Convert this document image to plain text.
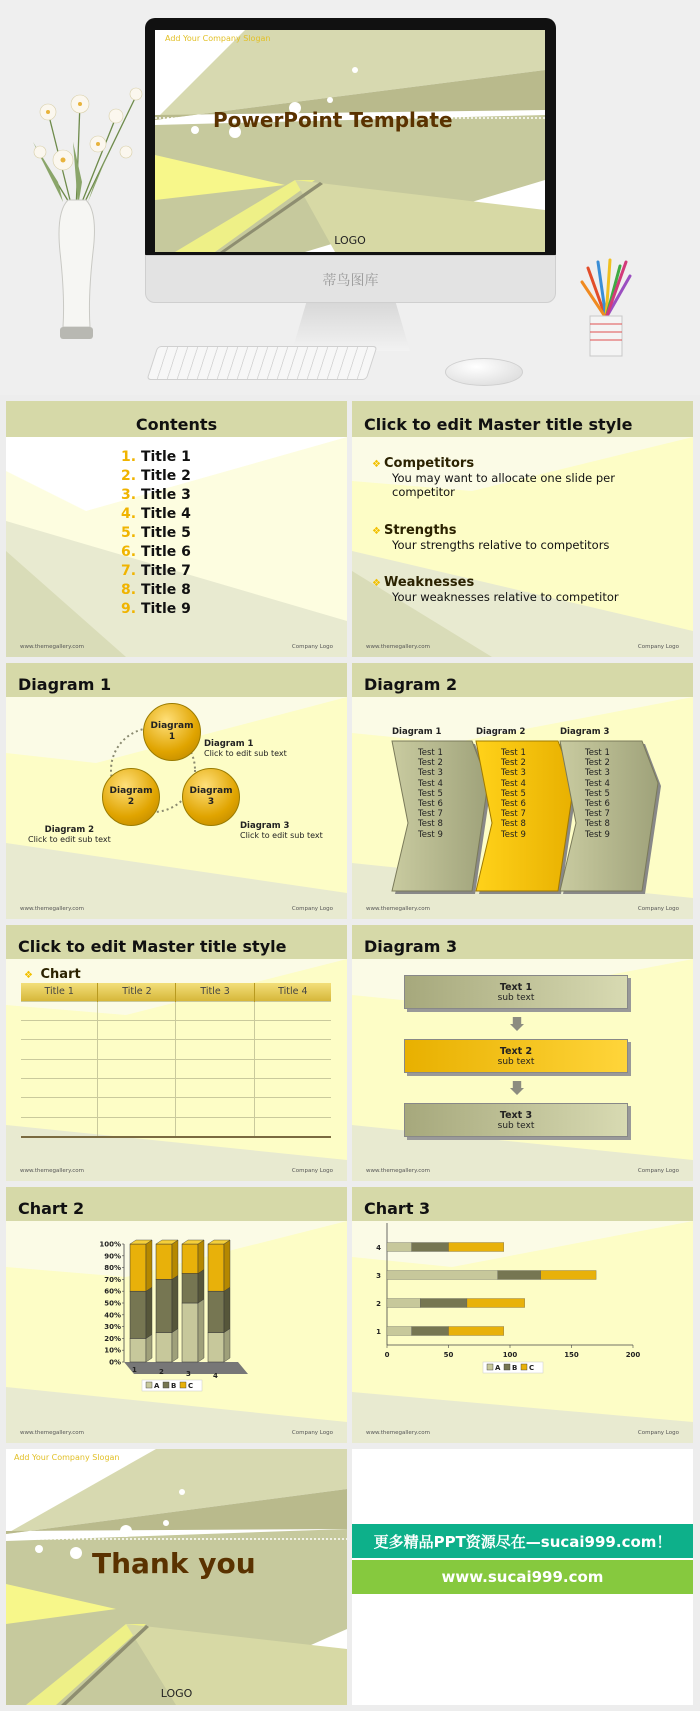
蒂鸟图库
Add Your Company Slogan
PowerPoint Template
LOGO
Contents
1. Title 1
2. Title 2
3. Title 3
4. Title 4
5. Title 5
6. Title 6
7. Title 7
8. Title 8
9. Title 9
www.themegallery.com	Company Logo
Click to edit Master title style
❖ Competitors
You may want to allocate one slide per competitor
❖ Strengths
Your strengths relative to competitors
❖ Weaknesses
Your weaknesses relative to competitor
www.themegallery.com	Company Logo
Diagram 1
Diagram
1
Diagram
2
Diagram
3
Diagram 1
Click to edit sub text
Diagram 2
Click to edit sub text
Diagram 3
Click to edit sub text
www.themegallery.com	Company Logo
Diagram 2
Diagram 1	Diagram 2	Diagram 3
Test 1
Test 2
Test 3
Test 4
Test 5
Test 6
Test 7
Test 8
Test 9
Test 1
Test 2
Test 3
Test 4
Test 5
Test 6
Test 7
Test 8
Test 9
Test 1
Test 2
Test 3
Test 4
Test 5
Test 6
Test 7
Test 8
Test 9
www.themegallery.com	Company Logo
Click to edit Master title style
❖ Chart
Title 1	Title 2	Title 3	Title 4

www.themegallery.com	Company Logo
Diagram 3
Text 1
sub text
Text 2
sub text
Text 3
sub text
www.themegallery.com	Company Logo
Chart 2
0%
10%
20%
30%
40%
50%
60%
70%
80%
90%
100%
1	2	3	4
A B C
www.themegallery.com	Company Logo
Chart 3
0	50	100	150	200
1
2
3
4
A B C
www.themegallery.com	Company Logo
Add Your Company Slogan
Thank you
LOGO
更多精品PPT资源尽在—sucai999.com！
www.sucai999.com
